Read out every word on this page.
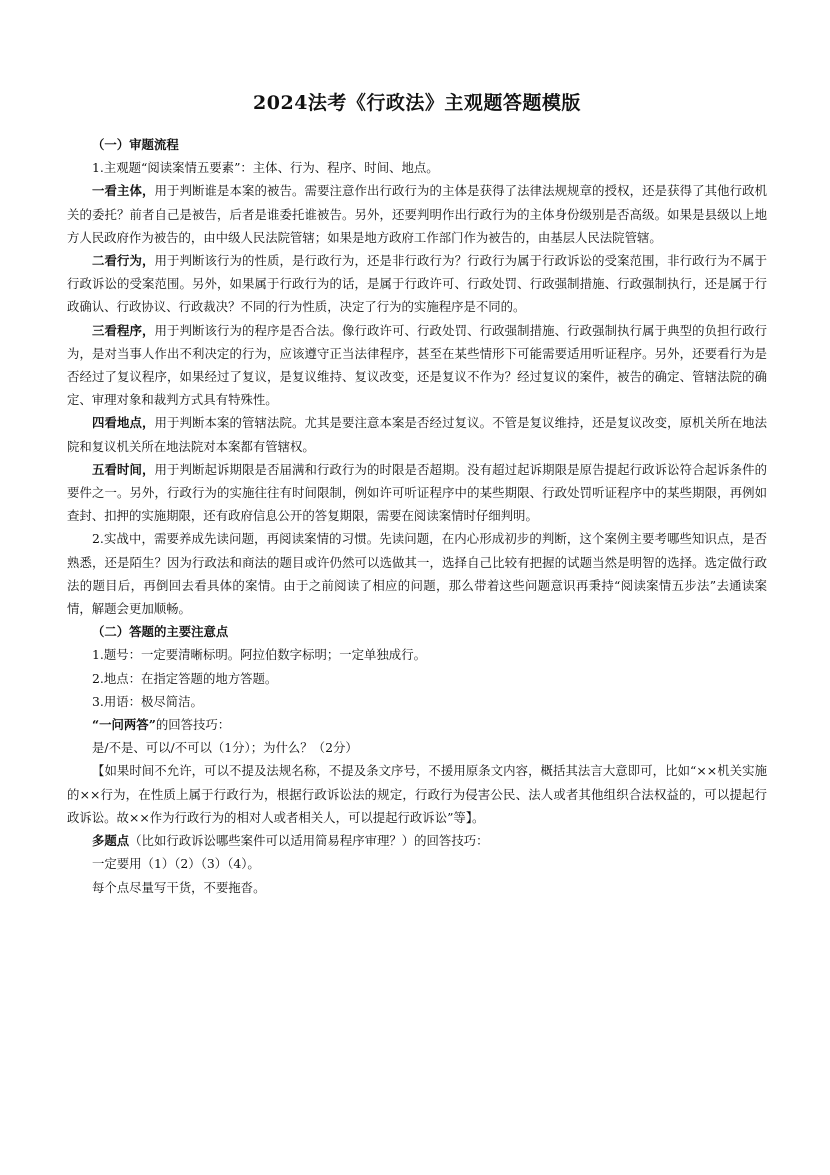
2024法考《行政法》主观题答题模版

（一）审题流程

1.主观题“阅读案情五要素”：主体、行为、程序、时间、地点。

一看主体，用于判断谁是本案的被告。需要注意作出行政行为的主体是获得了法律法规规章的授权，还是获得了其他行政机关的委托？前者自己是被告，后者是谁委托谁被告。另外，还要判明作出行政行为的主体身份级别是否高级。如果是县级以上地方人民政府作为被告的，由中级人民法院管辖；如果是地方政府工作部门作为被告的，由基层人民法院管辖。

二看行为，用于判断该行为的性质，是行政行为，还是非行政行为？行政行为属于行政诉讼的受案范围，非行政行为不属于行政诉讼的受案范围。另外，如果属于行政行为的话，是属于行政许可、行政处罚、行政强制措施、行政强制执行，还是属于行政确认、行政协议、行政裁决？不同的行为性质，决定了行为的实施程序是不同的。

三看程序，用于判断该行为的程序是否合法。像行政许可、行政处罚、行政强制措施、行政强制执行属于典型的负担行政行为，是对当事人作出不利决定的行为，应该遵守正当法律程序，甚至在某些情形下可能需要适用听证程序。另外，还要看行为是否经过了复议程序，如果经过了复议，是复议维持、复议改变，还是复议不作为？经过复议的案件，被告的确定、管辖法院的确定、审理对象和裁判方式具有特殊性。

四看地点，用于判断本案的管辖法院。尤其是要注意本案是否经过复议。不管是复议维持，还是复议改变，原机关所在地法院和复议机关所在地法院对本案都有管辖权。

五看时间，用于判断起诉期限是否届满和行政行为的时限是否超期。没有超过起诉期限是原告提起行政诉讼符合起诉条件的要件之一。另外，行政行为的实施往往有时间限制，例如许可听证程序中的某些期限、行政处罚听证程序中的某些期限，再例如查封、扣押的实施期限，还有政府信息公开的答复期限，需要在阅读案情时仔细判明。

2.实战中，需要养成先读问题，再阅读案情的习惯。先读问题，在内心形成初步的判断，这个案例主要考哪些知识点，是否熟悉，还是陌生？因为行政法和商法的题目或许仍然可以选做其一，选择自己比较有把握的试题当然是明智的选择。选定做行政法的题目后，再倒回去看具体的案情。由于之前阅读了相应的问题，那么带着这些问题意识再秉持“阅读案情五步法”去通读案情，解题会更加顺畅。

（二）答题的主要注意点

1.题号：一定要清晰标明。阿拉伯数字标明；一定单独成行。

2.地点：在指定答题的地方答题。

3.用语：极尽简洁。

“一问两答”的回答技巧：

是/不是、可以/不可以（1分）；为什么？（2分）

【如果时间不允许，可以不提及法规名称，不提及条文序号，不援用原条文内容，概括其法言大意即可，比如“××机关实施的××行为，在性质上属于行政行为，根据行政诉讼法的规定，行政行为侵害公民、法人或者其他组织合法权益的，可以提起行政诉讼。故××作为行政行为的相对人或者相关人，可以提起行政诉讼”等】。

多题点（比如行政诉讼哪些案件可以适用简易程序审理？）的回答技巧：

一定要用（1）（2）（3）（4）。

每个点尽量写干货，不要拖沓。
